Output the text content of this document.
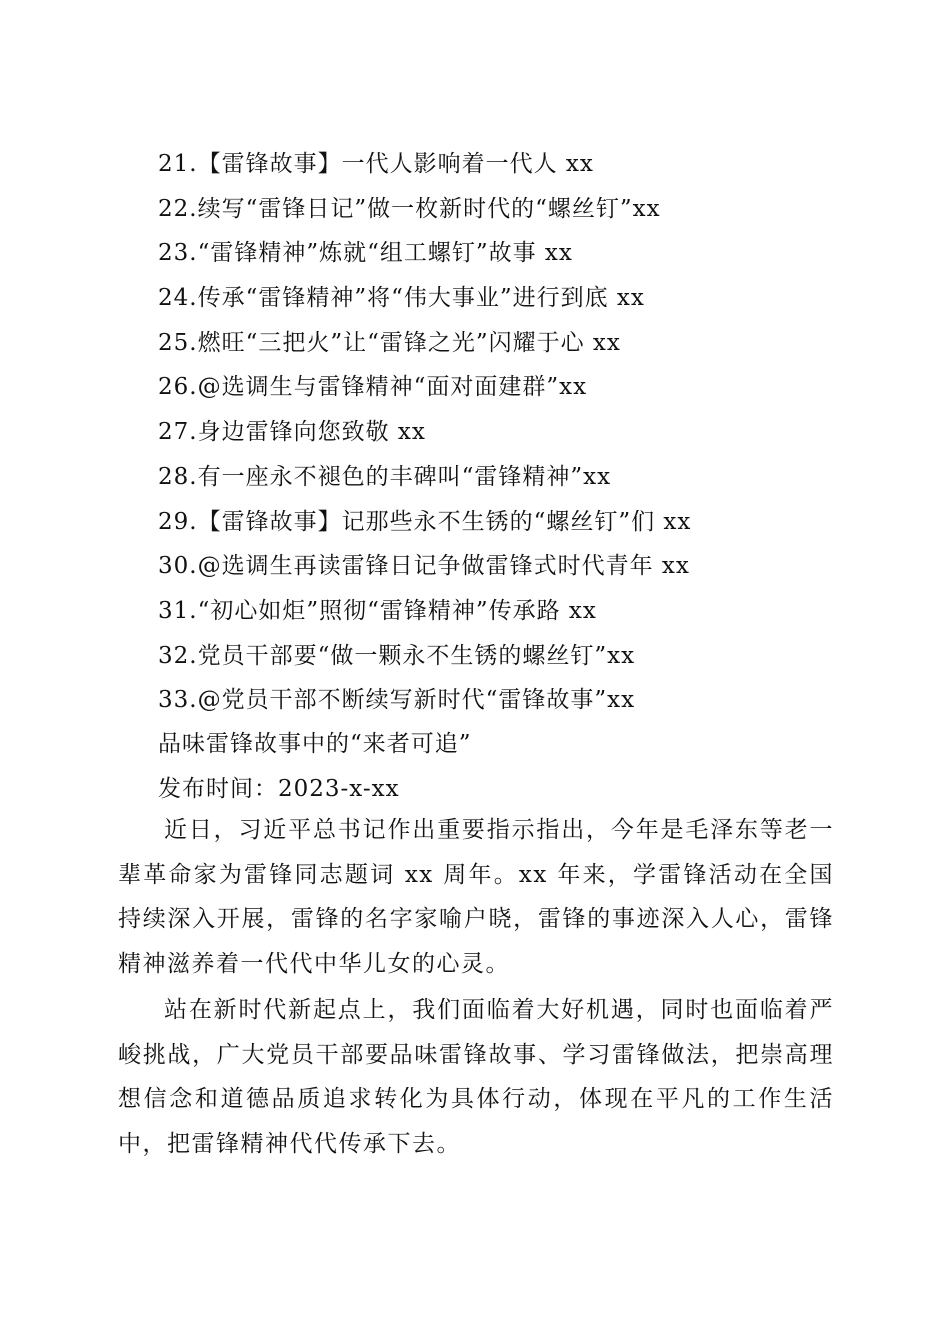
21.【雷锋故事】一代人影响着一代人 xx
22.续写“雷锋日记”做一枚新时代的“螺丝钉”xx
23.“雷锋精神”炼就“组工螺钉”故事 xx
24.传承“雷锋精神”将“伟大事业”进行到底 xx
25.燃旺“三把火”让“雷锋之光”闪耀于心 xx
26.@选调生与雷锋精神“面对面建群”xx
27.身边雷锋向您致敬 xx
28.有一座永不褪色的丰碑叫“雷锋精神”xx
29.【雷锋故事】记那些永不生锈的“螺丝钉”们 xx
30.@选调生再读雷锋日记争做雷锋式时代青年 xx
31.“初心如炬”照彻“雷锋精神”传承路 xx
32.党员干部要“做一颗永不生锈的螺丝钉”xx
33.@党员干部不断续写新时代“雷锋故事”xx
品味雷锋故事中的“来者可追”
发布时间：2023-x-xx

近日，习近平总书记作出重要指示指出，今年是毛泽东等老一辈革命家为雷锋同志题词 xx 周年。xx 年来，学雷锋活动在全国持续深入开展，雷锋的名字家喻户晓，雷锋的事迹深入人心，雷锋精神滋养着一代代中华儿女的心灵。

站在新时代新起点上，我们面临着大好机遇，同时也面临着严峻挑战，广大党员干部要品味雷锋故事、学习雷锋做法，把崇高理想信念和道德品质追求转化为具体行动，体现在平凡的工作生活中，把雷锋精神代代传承下去。
